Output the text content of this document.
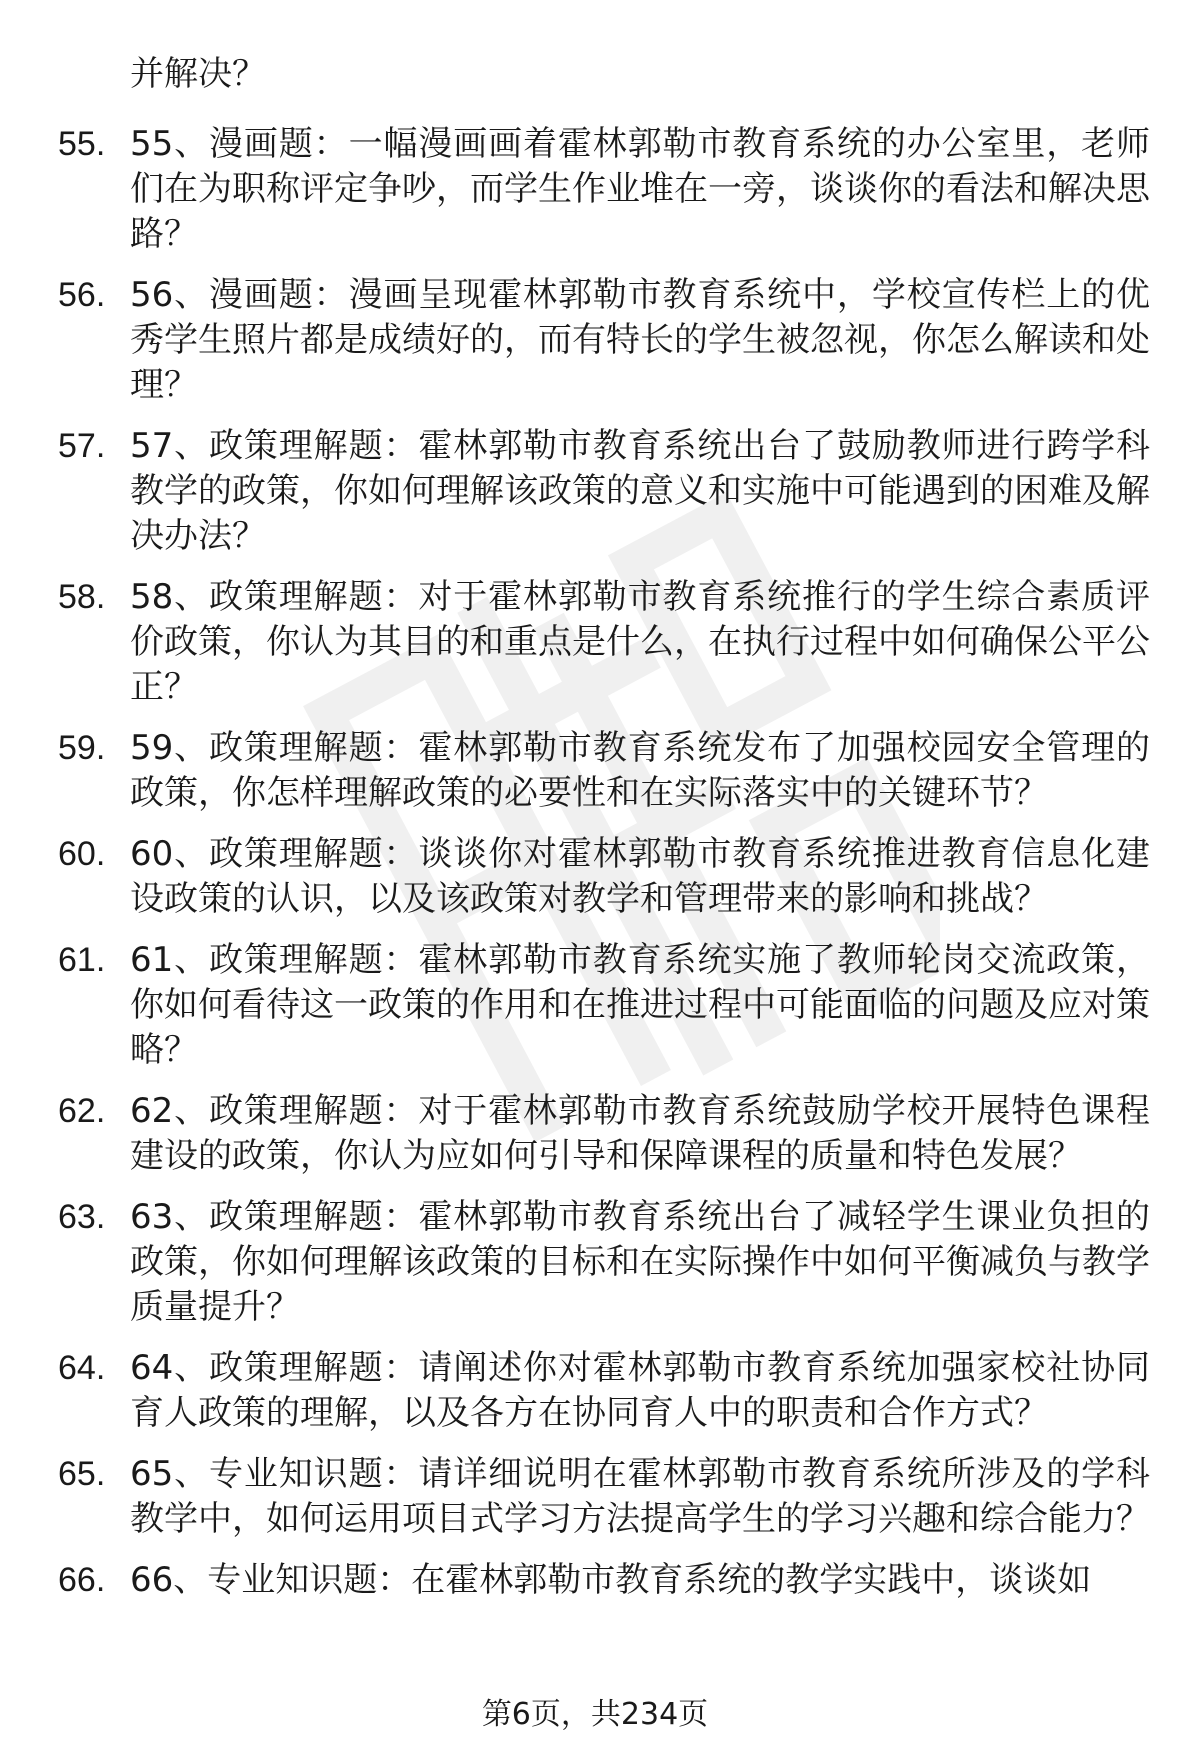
并解决？
55. 55、漫画题：一幅漫画画着霍林郭勒市教育系统的办公室里，老师们在为职称评定争吵，而学生作业堆在一旁，谈谈你的看法和解决思路？
56. 56、漫画题：漫画呈现霍林郭勒市教育系统中，学校宣传栏上的优秀学生照片都是成绩好的，而有特长的学生被忽视，你怎么解读和处理？
57. 57、政策理解题：霍林郭勒市教育系统出台了鼓励教师进行跨学科教学的政策，你如何理解该政策的意义和实施中可能遇到的困难及解决办法？
58. 58、政策理解题：对于霍林郭勒市教育系统推行的学生综合素质评价政策，你认为其目的和重点是什么，在执行过程中如何确保公平公正？
59. 59、政策理解题：霍林郭勒市教育系统发布了加强校园安全管理的政策，你怎样理解政策的必要性和在实际落实中的关键环节？
60. 60、政策理解题：谈谈你对霍林郭勒市教育系统推进教育信息化建设政策的认识，以及该政策对教学和管理带来的影响和挑战？
61. 61、政策理解题：霍林郭勒市教育系统实施了教师轮岗交流政策，你如何看待这一政策的作用和在推进过程中可能面临的问题及应对策略？
62. 62、政策理解题：对于霍林郭勒市教育系统鼓励学校开展特色课程建设的政策，你认为应如何引导和保障课程的质量和特色发展？
63. 63、政策理解题：霍林郭勒市教育系统出台了减轻学生课业负担的政策，你如何理解该政策的目标和在实际操作中如何平衡减负与教学质量提升？
64. 64、政策理解题：请阐述你对霍林郭勒市教育系统加强家校社协同育人政策的理解，以及各方在协同育人中的职责和合作方式？
65. 65、专业知识题：请详细说明在霍林郭勒市教育系统所涉及的学科教学中，如何运用项目式学习方法提高学生的学习兴趣和综合能力？
66. 66、专业知识题：在霍林郭勒市教育系统的教学实践中，谈谈如
第6页，共234页
